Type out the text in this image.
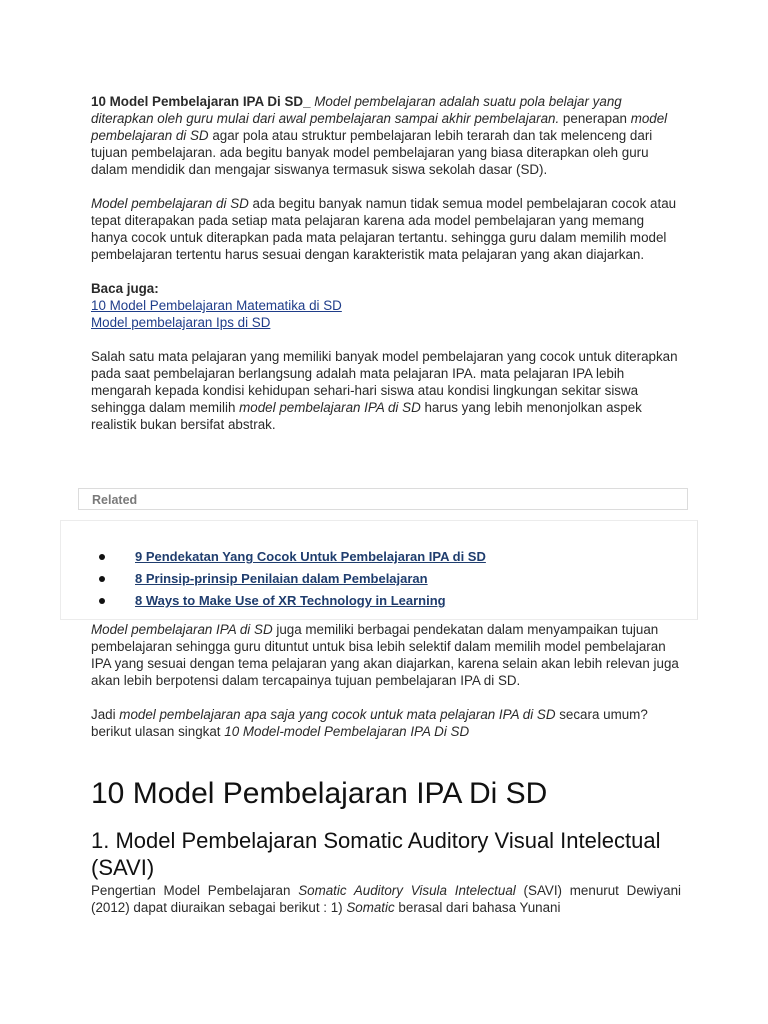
10 Model Pembelajaran IPA Di SD_ Model pembelajaran adalah suatu pola belajar yang diterapkan oleh guru mulai dari awal pembelajaran sampai akhir pembelajaran. penerapan model pembelajaran di SD agar pola atau struktur pembelajaran lebih terarah dan tak melenceng dari tujuan pembelajaran. ada begitu banyak model pembelajaran yang biasa diterapkan oleh guru dalam mendidik dan mengajar siswanya termasuk siswa sekolah dasar (SD).

Model pembelajaran di SD ada begitu banyak namun tidak semua model pembelajaran cocok atau tepat diterapakan pada setiap mata pelajaran karena ada model pembelajaran yang memang hanya cocok untuk diterapkan pada mata pelajaran tertantu. sehingga guru dalam memilih model pembelajaran tertentu harus sesuai dengan karakteristik mata pelajaran yang akan diajarkan.

Baca juga:

10 Model Pembelajaran Matematika di SD

Model pembelajaran Ips di SD

Salah satu mata pelajaran yang memiliki banyak model pembelajaran yang cocok untuk diterapkan pada saat pembelajaran berlangsung adalah mata pelajaran IPA. mata pelajaran IPA lebih mengarah kepada kondisi kehidupan sehari-hari siswa atau kondisi lingkungan sekitar siswa sehingga dalam memilih model pembelajaran IPA di SD harus yang lebih menonjolkan aspek realistik bukan bersifat abstrak.

Related
9 Pendekatan Yang Cocok Untuk Pembelajaran IPA di SD
8 Prinsip-prinsip Penilaian dalam Pembelajaran
8 Ways to Make Use of XR Technology in Learning

Model pembelajaran IPA di SD juga memiliki berbagai pendekatan dalam menyampaikan tujuan pembelajaran sehingga guru dituntut untuk bisa lebih selektif dalam memilih model pembelajaran IPA yang sesuai dengan tema pelajaran yang akan diajarkan, karena selain akan lebih relevan juga akan lebih berpotensi dalam tercapainya tujuan pembelajaran IPA di SD.

Jadi model pembelajaran apa saja yang cocok untuk mata pelajaran IPA di SD secara umum? berikut ulasan singkat 10 Model-model Pembelajaran IPA Di SD

10 Model Pembelajaran IPA Di SD
1. Model Pembelajaran Somatic Auditory Visual Intelectual (SAVI)

Pengertian Model Pembelajaran Somatic Auditory Visula Intelectual (SAVI) menurut Dewiyani (2012) dapat diuraikan sebagai berikut : 1) Somatic berasal dari bahasa Yunani
